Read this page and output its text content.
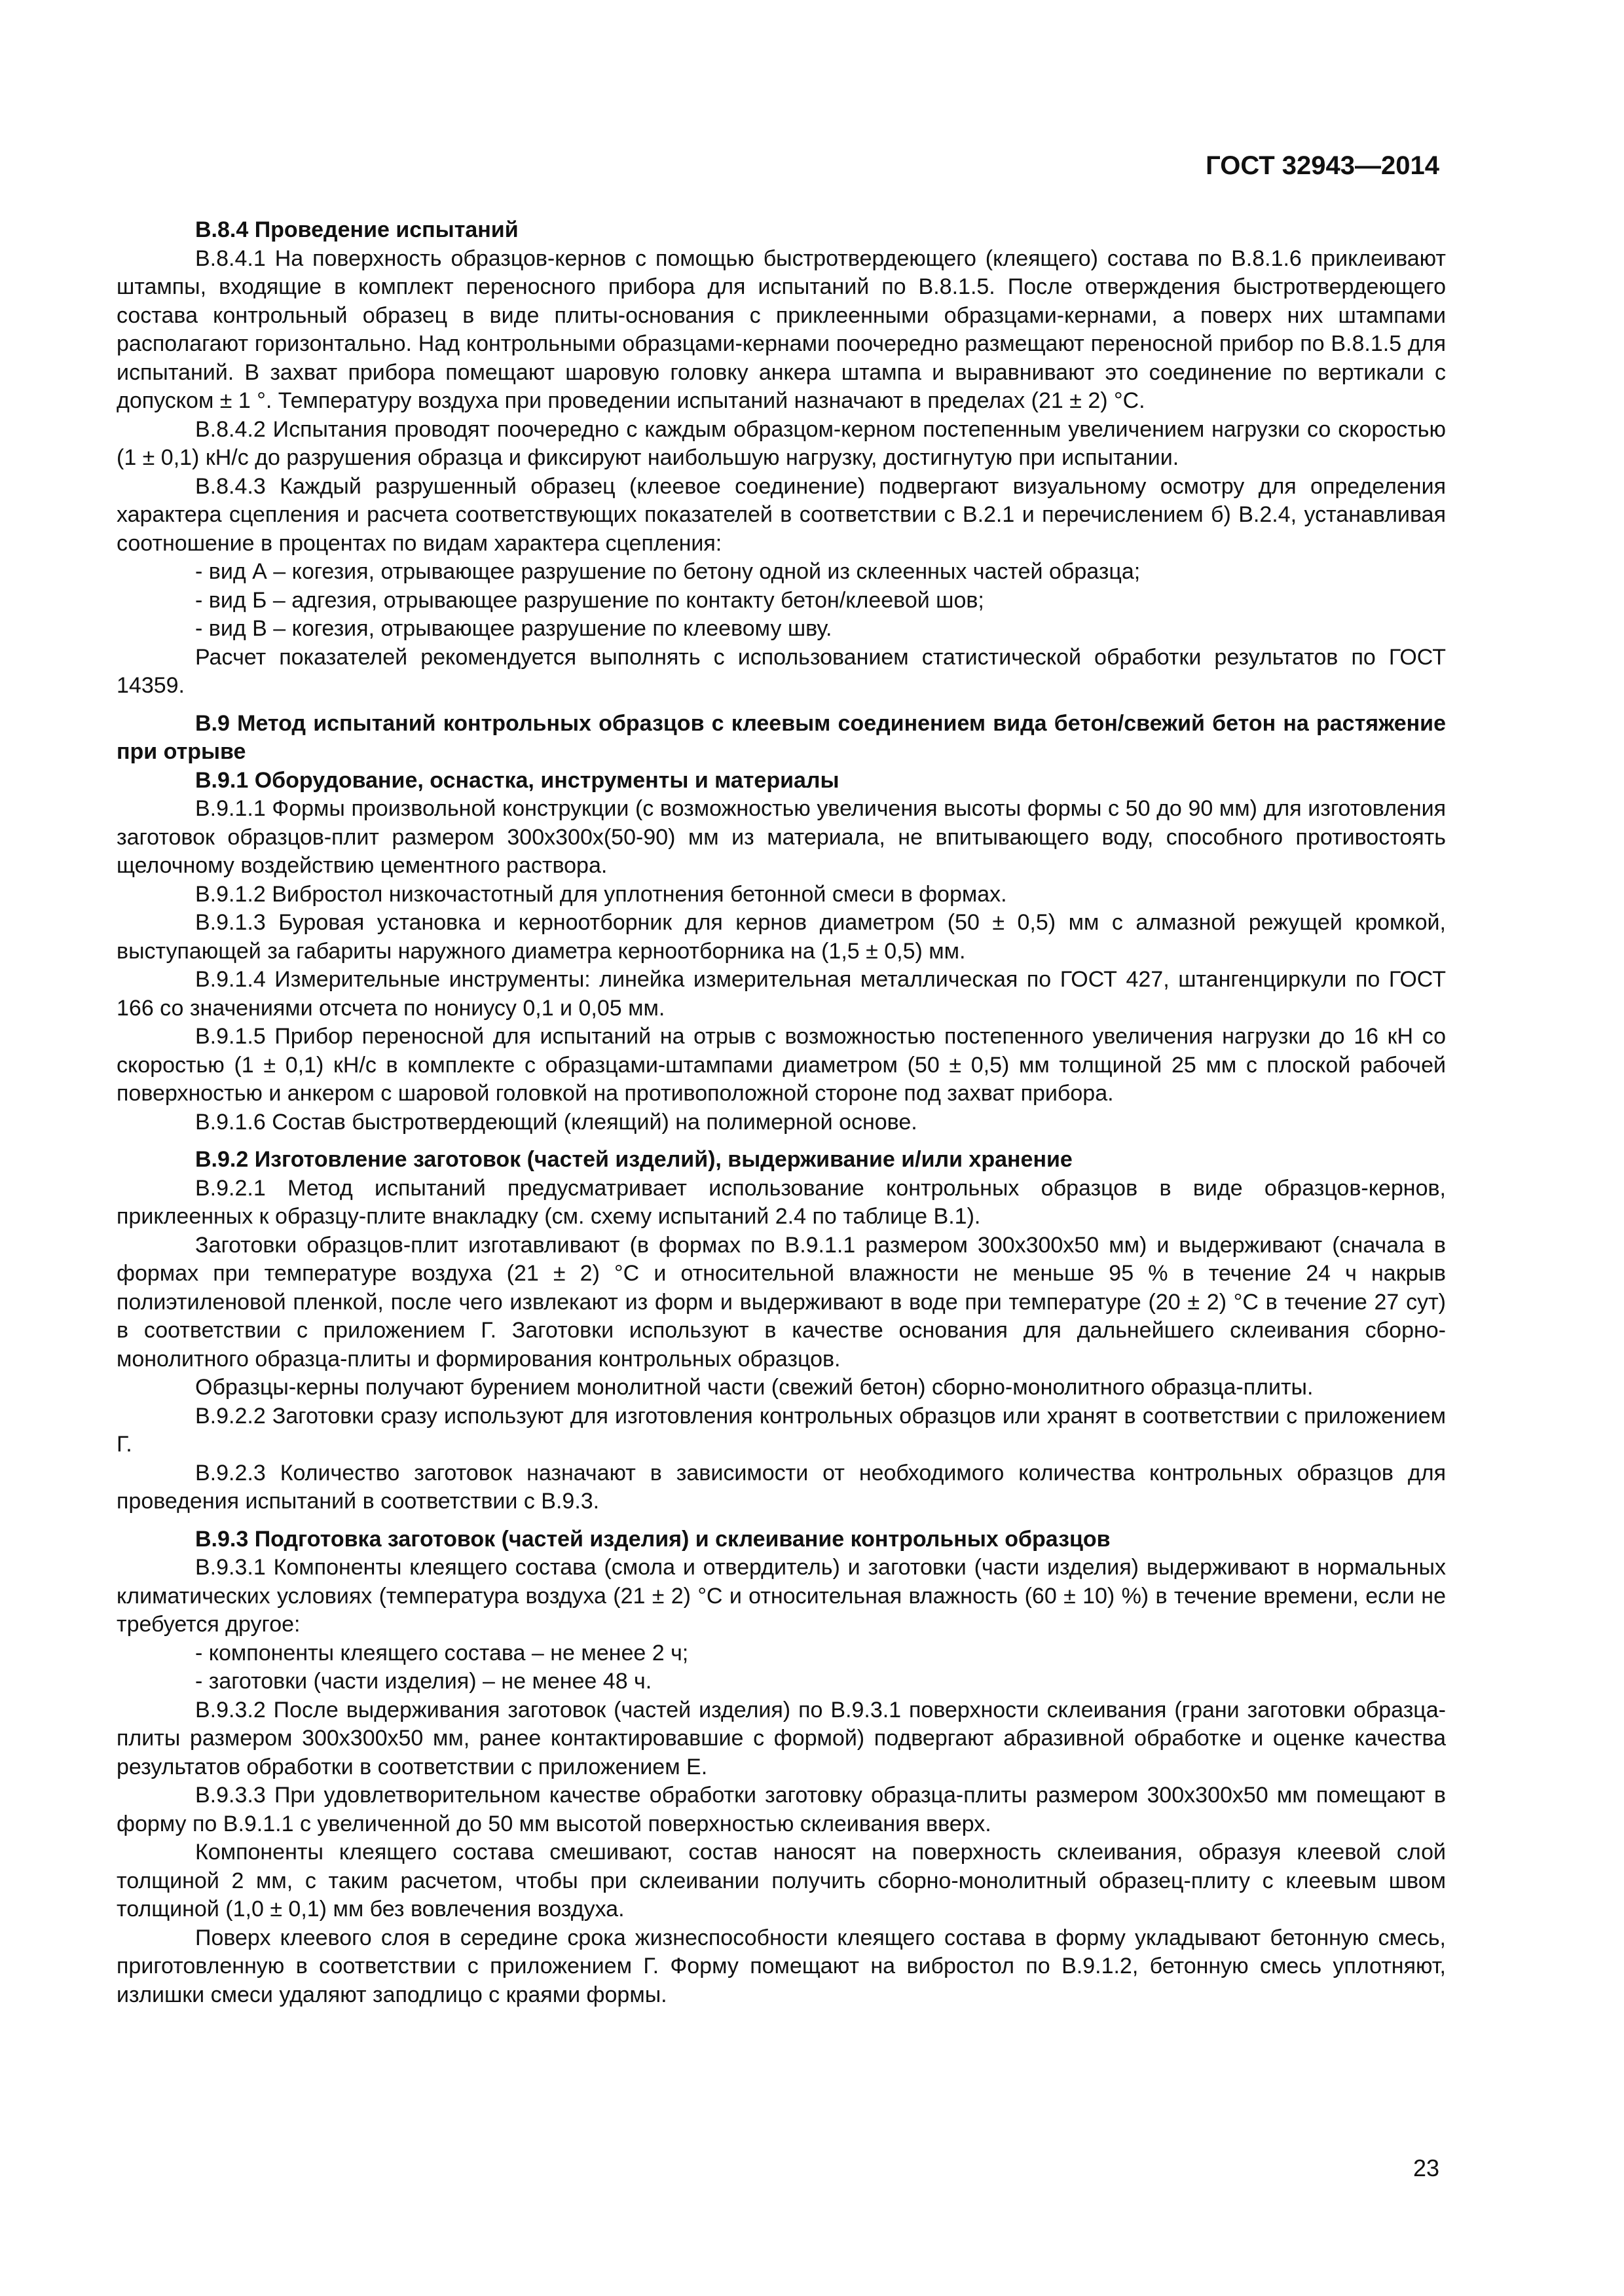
ГОСТ 32943—2014

В.8.4 Проведение испытаний

В.8.4.1 На поверхность образцов-кернов с помощью быстротвердеющего (клеящего) состава по В.8.1.6 приклеивают штампы, входящие в комплект переносного прибора для испытаний по В.8.1.5. После отверждения быстротвердеющего состава контрольный образец в виде плиты-основания с приклеенными образцами-кернами, а поверх них штампами располагают горизонтально. Над контрольными образцами-кернами поочередно размещают переносной прибор по В.8.1.5 для испытаний. В захват прибора помещают шаровую головку анкера штампа и выравнивают это соединение по вертикали с допуском ± 1 °. Температуру воздуха при проведении испытаний назначают в пределах (21 ± 2) °С.

В.8.4.2 Испытания проводят поочередно с каждым образцом-керном постепенным увеличением нагрузки со скоростью (1 ± 0,1) кН/с до разрушения образца и фиксируют наибольшую нагрузку, достигнутую при испытании.

В.8.4.3 Каждый разрушенный образец (клеевое соединение) подвергают визуальному осмотру для определения характера сцепления и расчета соответствующих показателей в соответствии с В.2.1 и перечислением б) В.2.4, устанавливая соотношение в процентах по видам характера сцепления:

- вид А – когезия, отрывающее разрушение по бетону одной из склеенных частей образца;

- вид Б – адгезия, отрывающее разрушение по контакту бетон/клеевой шов;

- вид В – когезия, отрывающее разрушение по клеевому шву.

Расчет показателей рекомендуется выполнять с использованием статистической обработки результатов по ГОСТ 14359.

В.9 Метод испытаний контрольных образцов с клеевым соединением вида бетон/свежий бетон на растяжение при отрыве

В.9.1 Оборудование, оснастка, инструменты и материалы

В.9.1.1 Формы произвольной конструкции (с возможностью увеличения высоты формы с 50 до 90 мм) для изготовления заготовок образцов-плит размером 300х300х(50-90) мм из материала, не впитывающего воду, способного противостоять щелочному воздействию цементного раствора.

В.9.1.2 Вибростол низкочастотный для уплотнения бетонной смеси в формах.

В.9.1.3 Буровая установка и керноотборник для кернов диаметром (50 ± 0,5) мм с алмазной режущей кромкой, выступающей за габариты наружного диаметра керноотборника на (1,5 ± 0,5) мм.

В.9.1.4 Измерительные инструменты: линейка измерительная металлическая по ГОСТ 427, штангенциркули по ГОСТ 166 со значениями отсчета по нониусу 0,1 и 0,05 мм.

В.9.1.5 Прибор переносной для испытаний на отрыв с возможностью постепенного увеличения нагрузки до 16 кН со скоростью (1 ± 0,1) кН/с в комплекте с образцами-штампами диаметром (50 ± 0,5) мм толщиной 25 мм с плоской рабочей поверхностью и анкером с шаровой головкой на противоположной стороне под захват прибора.

В.9.1.6 Состав быстротвердеющий (клеящий) на полимерной основе.

В.9.2 Изготовление заготовок (частей изделий), выдерживание и/или хранение

В.9.2.1 Метод испытаний предусматривает использование контрольных образцов в виде образцов-кернов, приклеенных к образцу-плите внакладку (см. схему испытаний 2.4 по таблице В.1).

Заготовки образцов-плит изготавливают (в формах по В.9.1.1 размером 300х300х50 мм) и выдерживают (сначала в формах при температуре воздуха (21 ± 2) °С и относительной влажности не меньше 95 % в течение 24 ч накрыв полиэтиленовой пленкой, после чего извлекают из форм и выдерживают в воде при температуре (20 ± 2) °С в течение 27 сут) в соответствии с приложением Г. Заготовки используют в качестве основания для дальнейшего склеивания сборно-монолитного образца-плиты и формирования контрольных образцов.

Образцы-керны получают бурением монолитной части (свежий бетон) сборно-монолитного образца-плиты.

В.9.2.2 Заготовки сразу используют для изготовления контрольных образцов или хранят в соответствии с приложением Г.

В.9.2.3 Количество заготовок назначают в зависимости от необходимого количества контрольных образцов для проведения испытаний в соответствии с В.9.3.

В.9.3 Подготовка заготовок (частей изделия) и склеивание контрольных образцов

В.9.3.1 Компоненты клеящего состава (смола и отвердитель) и заготовки (части изделия) выдерживают в нормальных климатических условиях (температура воздуха (21 ± 2) °С и относительная влажность (60 ± 10) %) в течение времени, если не требуется другое:

- компоненты клеящего состава – не менее 2 ч;

- заготовки (части изделия) – не менее 48 ч.

В.9.3.2 После выдерживания заготовок (частей изделия) по В.9.3.1 поверхности склеивания (грани заготовки образца-плиты размером 300х300х50 мм, ранее контактировавшие с формой) подвергают абразивной обработке и оценке качества результатов обработки в соответствии с приложением Е.

В.9.3.3 При удовлетворительном качестве обработки заготовку образца-плиты размером 300х300х50 мм помещают в форму по В.9.1.1 с увеличенной до 50 мм высотой поверхностью склеивания вверх.

Компоненты клеящего состава смешивают, состав наносят на поверхность склеивания, образуя клеевой слой толщиной 2 мм, с таким расчетом, чтобы при склеивании получить сборно-монолитный образец-плиту с клеевым швом толщиной (1,0 ± 0,1) мм без вовлечения воздуха.

Поверх клеевого слоя в середине срока жизнеспособности клеящего состава в форму укладывают бетонную смесь, приготовленную в соответствии с приложением Г. Форму помещают на вибростол по В.9.1.2, бетонную смесь уплотняют, излишки смеси удаляют заподлицо с краями формы.

23
